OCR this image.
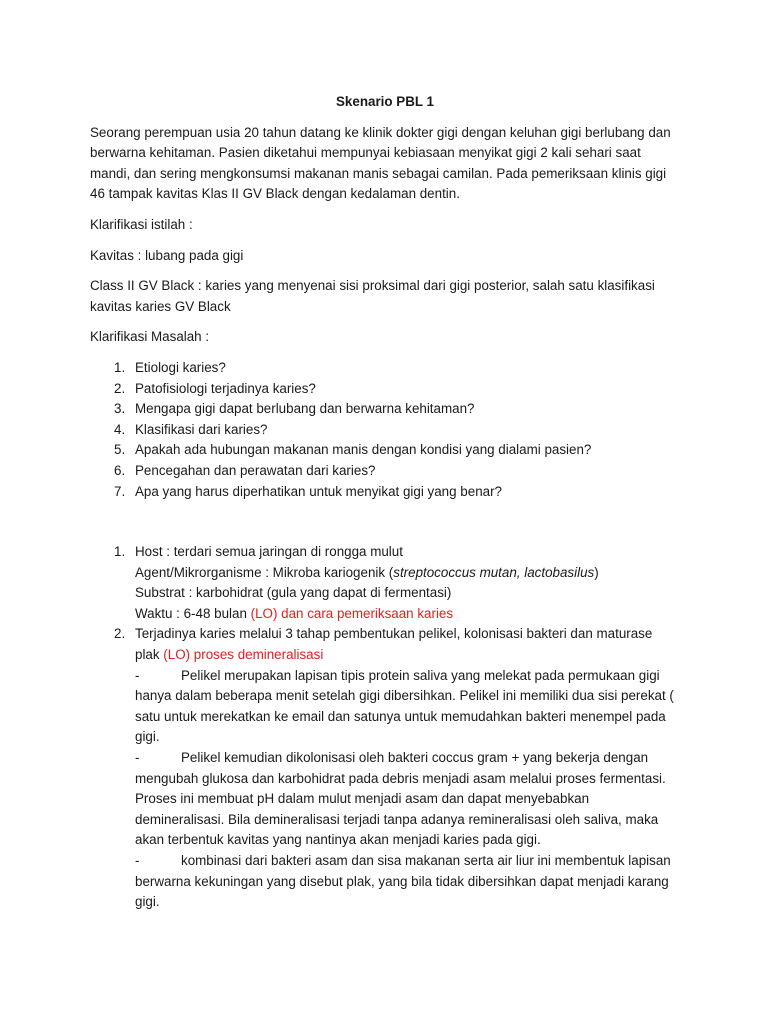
Skenario PBL 1

Seorang perempuan usia 20 tahun datang ke klinik dokter gigi dengan keluhan gigi berlubang dan berwarna kehitaman. Pasien diketahui mempunyai kebiasaan menyikat gigi 2 kali sehari saat mandi, dan sering mengkonsumsi makanan manis sebagai camilan. Pada pemeriksaan klinis gigi 46 tampak kavitas Klas II GV Black dengan kedalaman dentin.

Klarifikasi istilah :

Kavitas : lubang pada gigi

Class II GV Black : karies yang menyenai sisi proksimal dari gigi posterior, salah satu klasifikasi kavitas karies GV Black

Klarifikasi Masalah :

1. Etiologi karies?
2. Patofisiologi terjadinya karies?
3. Mengapa gigi dapat berlubang dan berwarna kehitaman?
4. Klasifikasi dari karies?
5. Apakah ada hubungan makanan manis dengan kondisi yang dialami pasien?
6. Pencegahan dan perawatan dari karies?
7. Apa yang harus diperhatikan untuk menyikat gigi yang benar?
1. Host : terdari semua jaringan di rongga mulut
Agent/Mikrorganisme : Mikroba kariogenik (streptococcus mutan, lactobasilus)
Substrat : karbohidrat (gula yang dapat di fermentasi)
Waktu : 6-48 bulan (LO) dan cara pemeriksaan karies
2. Terjadinya karies melalui 3 tahap pembentukan pelikel, kolonisasi bakteri dan maturase plak (LO) proses demineralisasi
-	Pelikel merupakan lapisan tipis protein saliva yang melekat pada permukaan gigi hanya dalam beberapa menit setelah gigi dibersihkan. Pelikel ini memiliki dua sisi perekat ( satu untuk merekatkan ke email dan satunya untuk memudahkan bakteri menempel pada gigi.
-	Pelikel kemudian dikolonisasi oleh bakteri coccus gram + yang bekerja dengan mengubah glukosa dan karbohidrat pada debris menjadi asam melalui proses fermentasi. Proses ini membuat pH dalam mulut menjadi asam dan dapat menyebabkan demineralisasi. Bila demineralisasi terjadi tanpa adanya remineralisasi oleh saliva, maka akan terbentuk kavitas yang nantinya akan menjadi karies pada gigi.
-	kombinasi dari bakteri asam dan sisa makanan serta air liur ini membentuk lapisan berwarna kekuningan yang disebut plak, yang bila tidak dibersihkan dapat menjadi karang gigi.
